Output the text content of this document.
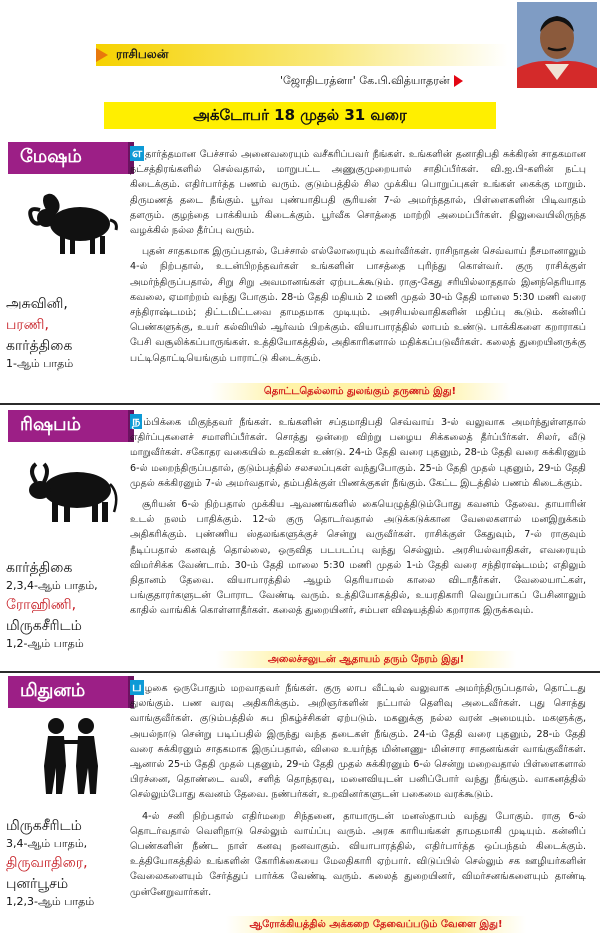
ராசிபலன்
'ஜோதிடரத்னா' கே.பி.வித்யாதரன்
அக்டோபர் 18 முதல் 31 வரை
மேஷம்
அசுவினி,
பரணி,
கார்த்திகை
1-ஆம் பாதம்

எ தார்த்தமான பேச்சால் அனைவரையும் வசீகரிப்பவர் நீங்கள். உங்களின் தனாதிபதி சுக்கிரன் சாதகமான நட்சத்திரங்களில் செல்வதால், மாறுபட்ட அணுகுமுறையால் சாதிப்பீர்கள். வி.ஐ.பி-களின் நட்பு கிடைக்கும். எதிர்பார்த்த பணம் வரும். குடும்பத்தில் சில முக்கிய பொறுப்புகள் உங்கள் கைக்கு மாறும். திருமணத் தடை நீங்கும். பூர்வ புண்யாதிபதி சூரியன் 7-ல் அமர்ந்ததால், பிள்ளைகளின் பிடிவாதம் தளரும். குழந்தை பாக்கியம் கிடைக்கும். பூர்வீக சொத்தை மாற்றி அமைப்பீர்கள். நிலுவையிலிருந்த வழக்கில் நல்ல தீர்ப்பு வரும்.

புதன் சாதகமாக இருப்பதால், பேச்சால் எல்லோரையும் கவர்வீர்கள். ராசிநாதன் செவ்வாய் நீசமானாலும் 4-ல் நிற்பதால், உடன்பிறந்தவர்கள் உங்களின் பாசத்தை புரிந்து கொள்வர். குரு ராசிக்குள் அமர்ந்திருப்பதால், சிறு சிறு அவமானங்கள் ஏற்படக்கூடும். ராகு-கேது சரியில்லாததால் இனந்தெரியாத கவலை, ஏமாற்றம் வந்து போகும். 28-ம் தேதி மதியம் 2 மணி முதல் 30-ம் தேதி மாலை 5:30 மணி வரை சந்திராஷ்டமம்; திட்டமிட்டவை தாமதமாக முடியும். அரசியல்வாதிகளின் மதிப்பு கூடும். கன்னிப் பெண்களுக்கு, உயர் கல்வியில் ஆர்வம் பிறக்கும். வியாபாரத்தில் லாபம் உண்டு. பாக்கிகளை கறாராகப் பேசி வசூலிக்கப்பாருங்கள். உத்தியோகத்தில், அதிகாரிகளால் மதிக்கப்படுவீர்கள். கலைத் துறையினருக்கு பட்டிதொட்டியெங்கும் பாராட்டு கிடைக்கும்.

தொட்டதெல்லாம் துலங்கும் தருணம் இது!
ரிஷபம்
கார்த்திகை
2,3,4-ஆம் பாதம்,
ரோஹிணி,
மிருகசீரிடம்
1,2-ஆம் பாதம்

ந ம்பிக்கை மிகுந்தவர் நீங்கள். உங்களின் சப்தமாதிபதி செவ்வாய் 3-ல் வலுவாக அமர்ந்துள்ளதால் எதிர்ப்புகளைச் சமாளிப்பீர்கள். சொத்து ஒன்றை விற்று பழைய சிக்கலைத் தீர்ப்பீர்கள். சிலர், வீடு மாறுவீர்கள். சகோதர வகையில் உதவிகள் உண்டு. 24-ம் தேதி வரை புதனும், 28-ம் தேதி வரை சுக்கிரனும் 6-ல் மறைந்திருப்பதால், குடும்பத்தில் சலசலப்புகள் வந்துபோகும். 25-ம் தேதி முதல் புதனும், 29-ம் தேதி முதல் சுக்கிரனும் 7-ல் அமர்வதால், தம்பதிக்குள் பிணக்குகள் நீங்கும். கேட்ட இடத்தில் பணம் கிடைக்கும்.

சூரியன் 6-ல் நிற்பதால் முக்கிய ஆவணங்களில் கையெழுத்திடும்போது கவனம் தேவை. தாயாரின் உடல் நலம் பாதிக்கும். 12-ல் குரு தொடர்வதால் அடுக்கடுக்கான வேலைகளால் மனஇறுக்கம் அதிகரிக்கும். புண்ணிய ஸ்தலங்களுக்குச் சென்று வருவீர்கள். ராசிக்குள் கேதுவும், 7-ல் ராகுவும் நீடிப்பதால் கனவுத் தொல்லை, ஒருவித படபடப்பு வந்து செல்லும். அரசியல்வாதிகள், எவரையும் விமர்சிக்க வேண்டாம். 30-ம் தேதி மாலை 5:30 மணி முதல் 1-ம் தேதி வரை சந்திராஷ்டமம்; எதிலும் நிதானம் தேவை. வியாபாரத்தில் ஆழம் தெரியாமல் காலை விடாதீர்கள். வேலையாட்கள், பங்குதாரர்களுடன் போராட வேண்டி வரும். உத்தியோகத்தில், உயரதிகாரி வெறுப்பாகப் பேசினாலும் காதில் வாங்கிக் கொள்ளாதீர்கள். கலைத் துறையினர், சம்பள விஷயத்தில் கறாராக இருக்கவும்.

அலைச்சலுடன் ஆதாயம் தரும் நேரம் இது!
மிதுனம்
மிருகசீரிடம்
3,4-ஆம் பாதம்,
திருவாதிரை,
புனர்பூசம்
1,2,3-ஆம் பாதம்

ப ழகை ஒருபோதும் மறவாதவர் நீங்கள். குரு லாப வீட்டில் வலுவாக அமர்ந்திருப்பதால், தொட்டது துலங்கும். பண வரவு அதிகரிக்கும். அறிஞர்களின் நட்பால் தெளிவு அடைவீர்கள். புது சொத்து வாங்குவீர்கள். குடும்பத்தில் சுப நிகழ்ச்சிகள் ஏற்படும். மகனுக்கு நல்ல வரன் அமையும். மகளுக்கு, அயல்நாடு சென்று படிப்பதில் இருந்து வந்த தடைகள் நீங்கும். 24-ம் தேதி வரை புதனும், 28-ம் தேதி வரை சுக்கிரனும் சாதகமாக இருப்பதால், விலை உயர்ந்த மின்னணு- மின்சார சாதனங்கள் வாங்குவீர்கள். ஆனால் 25-ம் தேதி முதல் புதனும், 29-ம் தேதி முதல் சுக்கிரனும் 6-ல் சென்று மறைவதால் பிள்ளைகளால் பிரச்னை, தொண்டை வலி, சளித் தொந்தரவு, மனைவியுடன் பனிப்போர் வந்து நீங்கும். வாகனத்தில் செல்லும்போது கவனம் தேவை. நண்பர்கள், உறவினர்களுடன் பகைமை வரக்கூடும்.

4-ல் சனி நிற்பதால் எதிர்மறை சிந்தனை, தாயாருடன் மனஸ்தாபம் வந்து போகும். ராகு 6-ல் தொடர்வதால் வெளிநாடு செல்லும் வாய்ப்பு வரும். அரசு காரியங்கள் தாமதமாகி முடியும். கன்னிப் பெண்களின் நீண்ட நாள் கனவு நனவாகும். வியாபாரத்தில், எதிர்பார்த்த ஒப்பந்தம் கிடைக்கும். உத்தியோகத்தில் உங்களின் கோரிக்கையை மேலதிகாரி ஏற்பார். விடுப்பில் செல்லும் சக ஊழியர்களின் வேலைகளையும் சேர்த்துப் பார்க்க வேண்டி வரும். கலைத் துறையினர், விமர்சனங்களையும் தாண்டி முன்னேறுவார்கள்.

ஆரோக்கியத்தில் அக்கறை தேவைப்படும் வேளை இது!
